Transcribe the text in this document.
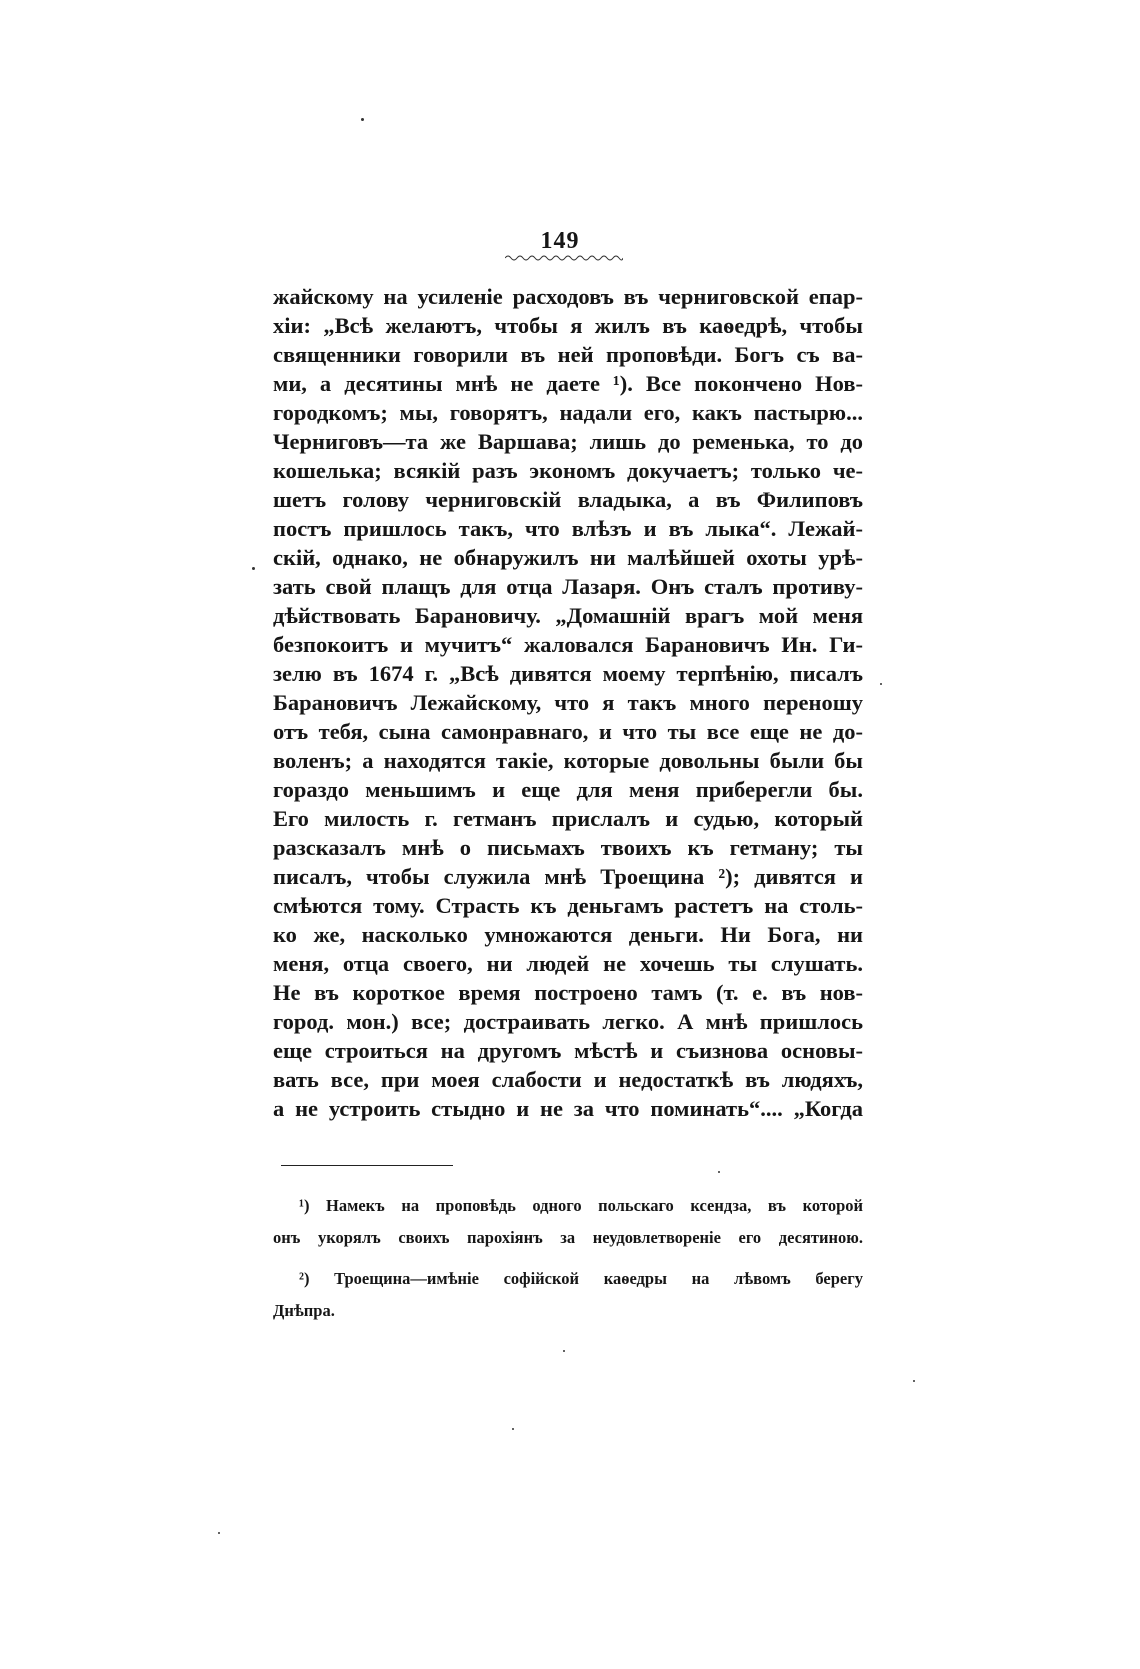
149
жайскому на усиленіе расходовъ въ черниговской епар-
хіи: „Всѣ желаютъ, чтобы я жилъ въ каѳедрѣ, чтобы
священники говорили въ ней проповѣди. Богъ съ ва-
ми, а десятины мнѣ не даете ¹). Все покончено Нов-
городкомъ; мы, говорятъ, надали его, какъ пастырю...
Черниговъ—та же Варшава; лишь до ременька, то до
кошелька; всякій разъ экономъ докучаетъ; только че-
шетъ голову черниговскій владыка, а въ Филиповъ
постъ пришлось такъ, что влѣзъ и въ лыка“. Лежай-
скій, однако, не обнаружилъ ни малѣйшей охоты урѣ-
зать свой плащъ для отца Лазаря. Онъ сталъ противу-
дѣйствовать Барановичу. „Домашній врагъ мой меня
безпокоитъ и мучитъ“ жаловался Барановичъ Ин. Ги-
зелю въ 1674 г. „Всѣ дивятся моему терпѣнію, писалъ
Барановичъ Лежайскому, что я такъ много переношу
отъ тебя, сына самонравнаго, и что ты все еще не до-
воленъ; а находятся такіе, которые довольны были бы
гораздо меньшимъ и еще для меня приберегли бы.
Его милость г. гетманъ прислалъ и судью, который
разсказалъ мнѣ о письмахъ твоихъ къ гетману; ты
писалъ, чтобы служила мнѣ Троещина ²); дивятся и
смѣются тому. Страсть къ деньгамъ растетъ на столь-
ко же, насколько умножаются деньги. Ни Бога, ни
меня, отца своего, ни людей не хочешь ты слушать.
Не въ короткое время построено тамъ (т. е. въ нов-
город. мон.) все; достраивать легко. А мнѣ пришлось
еще строиться на другомъ мѣстѣ и съизнова основы-
вать все, при моея слабости и недостаткѣ въ людяхъ,
а не устроить стыдно и не за что поминать“.... „Когда
¹) Намекъ на проповѣдь одного польскаго ксендза, въ которой
онъ укорялъ своихъ парохіянъ за неудовлетвореніе его десятиною.
²) Троещина—имѣніе софійской каѳедры на лѣвомъ берегу
Днѣпра.
